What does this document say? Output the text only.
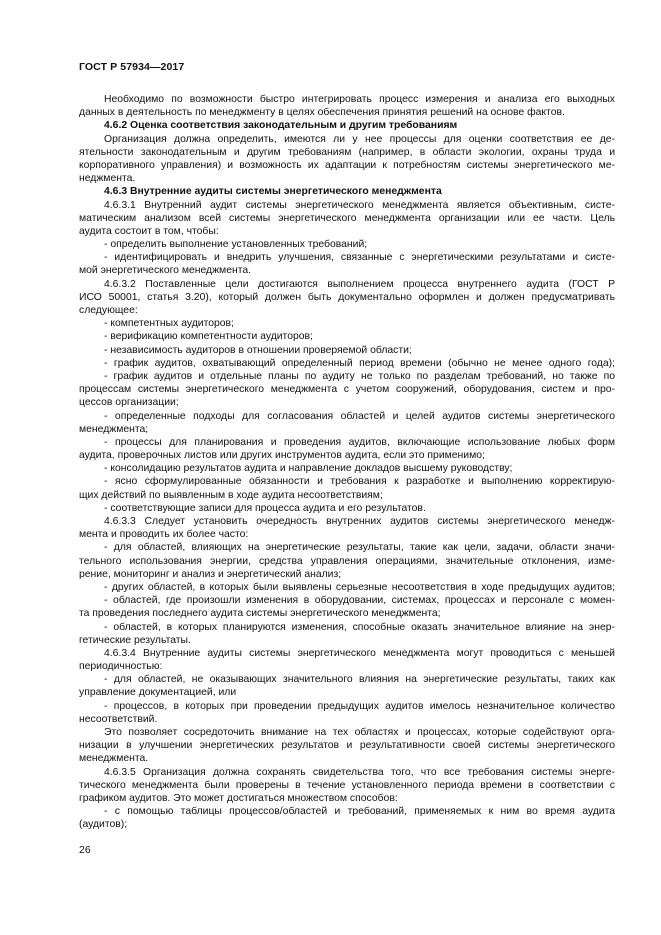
ГОСТ Р 57934—2017
Необходимо по возможности быстро интегрировать процесс измерения и анализа его выходных
данных в деятельность по менеджменту в целях обеспечения принятия решений на основе фактов.
4.6.2 Оценка соответствия законодательным и другим требованиям
Организация должна определить, имеются ли у нее процессы для оценки соответствия ее де-
ятельности законодательным и другим требованиям (например, в области экологии, охраны труда и
корпоративного управления) и возможность их адаптации к потребностям системы энергетического ме-
неджмента.
4.6.3 Внутренние аудиты системы энергетического менеджмента
4.6.3.1 Внутренний аудит системы энергетического менеджмента является объективным, систе-
матическим анализом всей системы энергетического менеджмента организации или ее части. Цель
аудита состоит в том, чтобы:
- определить выполнение установленных требований;
- идентифицировать и внедрить улучшения, связанные с энергетическими результатами и систе-
мой энергетического менеджмента.
4.6.3.2 Поставленные цели достигаются выполнением процесса внутреннего аудита (ГОСТ Р
ИСО 50001, статья 3.20), который должен быть документально оформлен и должен предусматривать
следующее:
- компетентных аудиторов;
- верификацию компетентности аудиторов;
- независимость аудиторов в отношении проверяемой области;
- график аудитов, охватывающий определенный период времени (обычно не менее одного года);
- график аудитов и отдельные планы по аудиту не только по разделам требований, но также по
процессам системы энергетического менеджмента с учетом сооружений, оборудования, систем и про-
цессов организации;
- определенные подходы для согласования областей и целей аудитов системы энергетического
менеджмента;
- процессы для планирования и проведения аудитов, включающие использование любых форм
аудита, проверочных листов или других инструментов аудита, если это применимо;
- консолидацию результатов аудита и направление докладов высшему руководству;
- ясно сформулированные обязанности и требования к разработке и выполнению корректирую-
щих действий по выявленным в ходе аудита несоответствиям;
- соответствующие записи для процесса аудита и его результатов.
4.6.3.3 Следует установить очередность внутренних аудитов системы энергетического менедж-
мента и проводить их более часто:
- для областей, влияющих на энергетические результаты, такие как цели, задачи, области значи-
тельного использования энергии, средства управления операциями, значительные отклонения, изме-
рение, мониторинг и анализ и энергетический анализ;
- других областей, в которых были выявлены серьезные несоответствия в ходе предыдущих аудитов;
- областей, где произошли изменения в оборудовании, системах, процессах и персонале с момен-
та проведения последнего аудита системы энергетического менеджмента;
- областей, в которых планируются изменения, способные оказать значительное влияние на энер-
гетические результаты.
4.6.3.4 Внутренние аудиты системы энергетического менеджмента могут проводиться с меньшей
периодичностью:
- для областей, не оказывающих значительного влияния на энергетические результаты, таких как
управление документацией, или
- процессов, в которых при проведении предыдущих аудитов имелось незначительное количество
несоответствий.
Это позволяет сосредоточить внимание на тех областях и процессах, которые содействуют орга-
низации в улучшении энергетических результатов и результативности своей системы энергетического
менеджмента.
4.6.3.5 Организация должна сохранять свидетельства того, что все требования системы энерге-
тического менеджмента были проверены в течение установленного периода времени в соответствии с
графиком аудитов. Это может достигаться множеством способов:
- с помощью таблицы процессов/областей и требований, применяемых к ним во время аудита
(аудитов);
26
